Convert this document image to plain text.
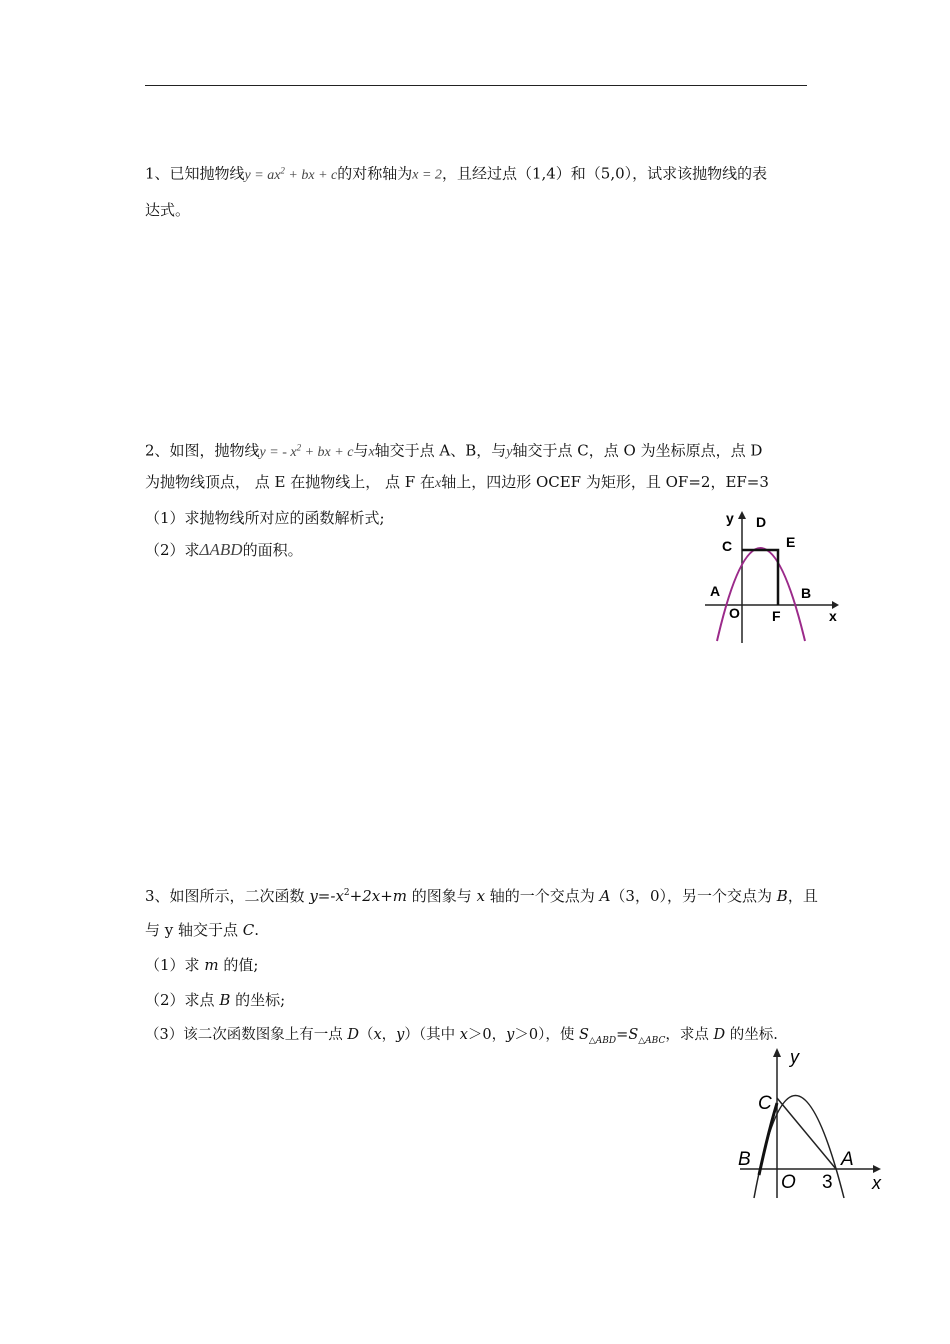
1、已知抛物线$y = ax^2$ + bx + c的对称轴为x = 2，且经过点（1,4）和（5,0），试求该抛物线的表
达式。
2、如图，抛物线y = - $x^2$ + bx + c与x轴交于点 A、B，与y轴交于点 C，点 O 为坐标原点，点 D
为抛物线顶点， 点 E 在抛物线上， 点 F 在x轴上，四边形 OCEF 为矩形，且 OF=2，EF=3
（1）求抛物线所对应的函数解析式;
（2）求ΔABD的面积。
y D
C	E
A	B
O F	x
3、如图所示，二次函数 $y=-x^2+2x+m$ 的图象与 x 轴的一个交点为 A（3，0），另一个交点为 B，且
与 y 轴交于点 C.
（1）求 m 的值;
（2）求点 B 的坐标;
（3）该二次函数图象上有一点 D（x，y）（其中 x＞0，y＞0），使 $S_{\triangle ABD}=S_{\triangle ABC}$，求点 D 的坐标.
y
C
B
O 3
A
x
